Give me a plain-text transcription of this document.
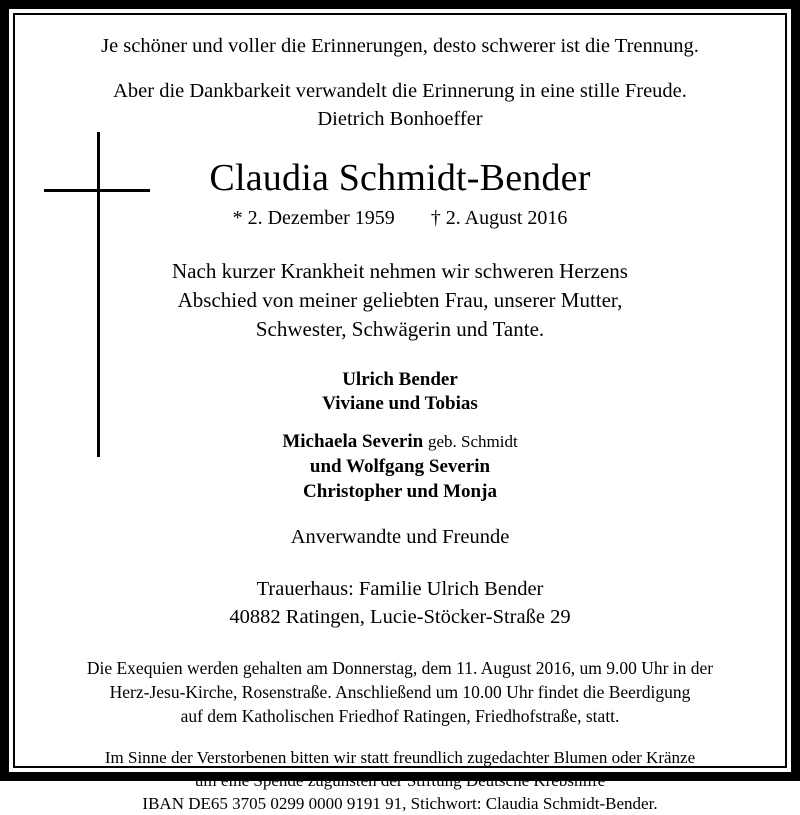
Je schöner und voller die Erinnerungen, desto schwerer ist die Trennung.

Aber die Dankbarkeit verwandelt die Erinnerung in eine stille Freude.

Dietrich Bonhoeffer

Claudia Schmidt-Bender

* 2. Dezember 1959 † 2. August 2016

Nach kurzer Krankheit nehmen wir schweren Herzens

Abschied von meiner geliebten Frau, unserer Mutter,

Schwester, Schwägerin und Tante.

Ulrich Bender

Viviane und Tobias

Michaela Severin geb. Schmidt

und Wolfgang Severin

Christopher und Monja

Anverwandte und Freunde

Trauerhaus: Familie Ulrich Bender

40882 Ratingen, Lucie-Stöcker-Straße 29

Die Exequien werden gehalten am Donnerstag, dem 11. August 2016, um 9.00 Uhr in der

Herz-Jesu-Kirche, Rosenstraße. Anschließend um 10.00 Uhr findet die Beerdigung

auf dem Katholischen Friedhof Ratingen, Friedhofstraße, statt.

Im Sinne der Verstorbenen bitten wir statt freundlich zugedachter Blumen oder Kränze

um eine Spende zugunsten der Stiftung Deutsche Krebshilfe

IBAN DE65 3705 0299 0000 9191 91, Stichwort: Claudia Schmidt-Bender.
